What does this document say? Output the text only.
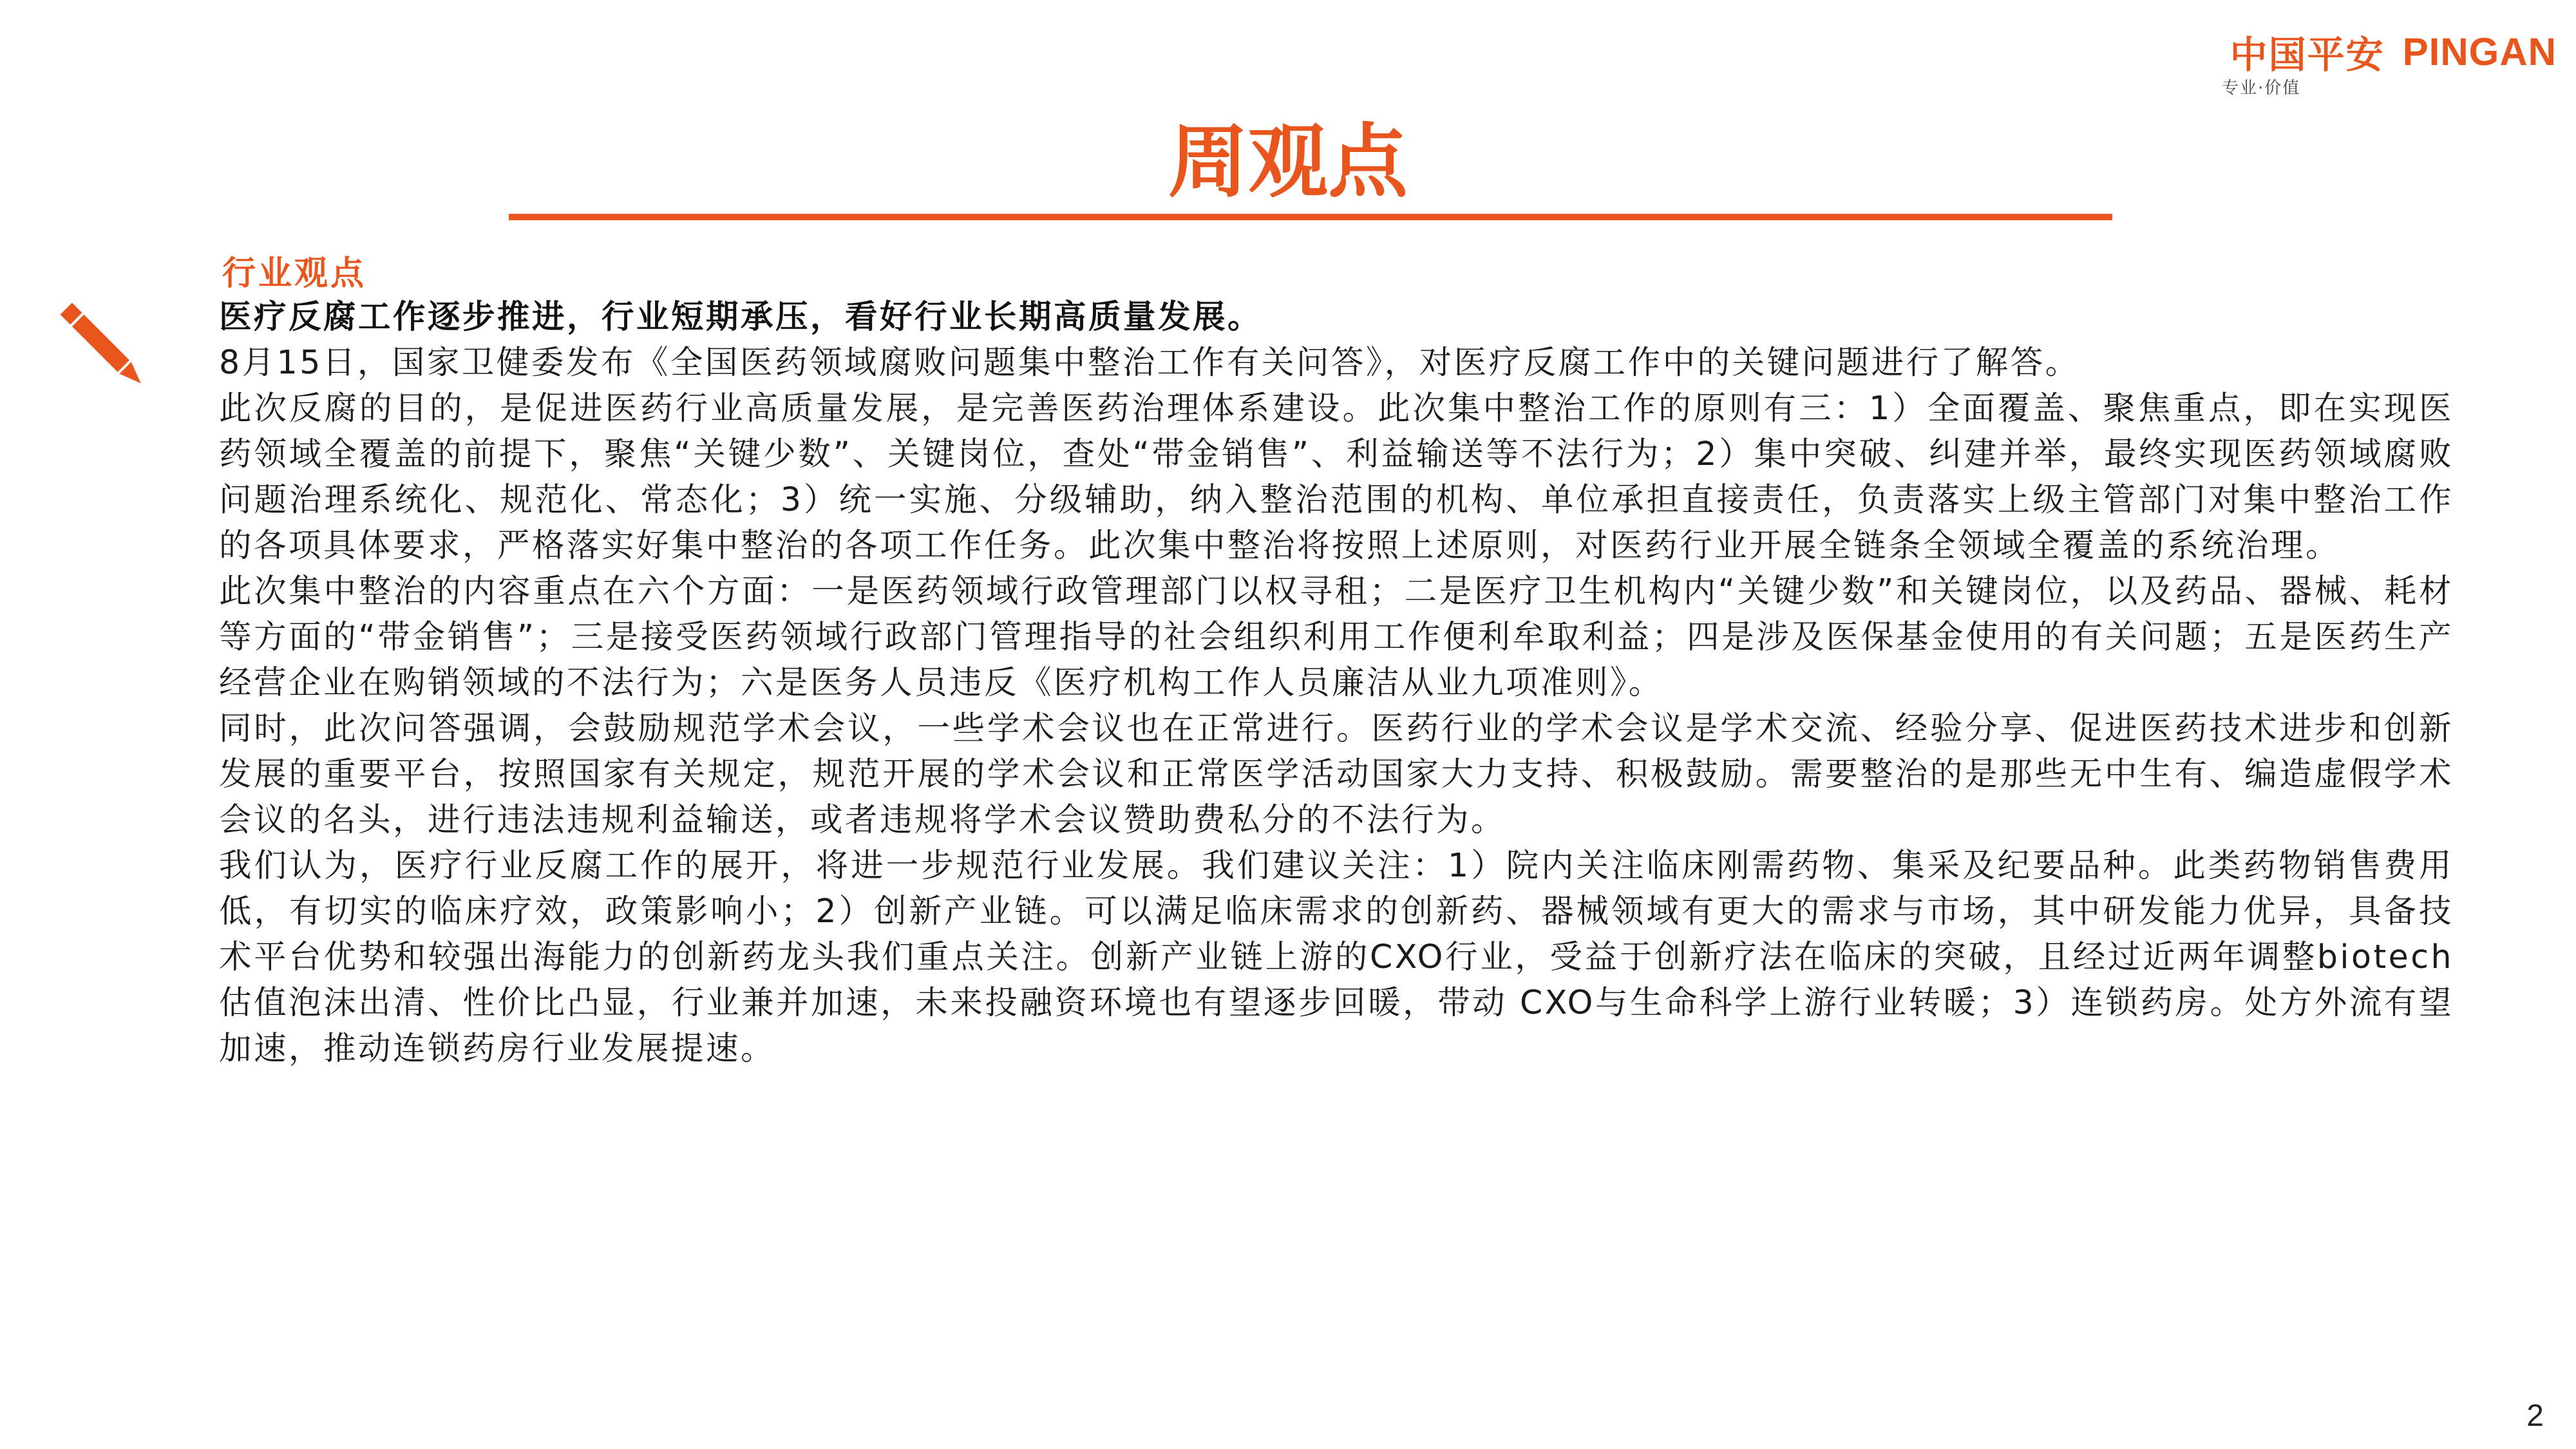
中国平安 PINGAN
专业·价值
周观点
行业观点

医疗反腐工作逐步推进，行业短期承压，看好行业长期高质量发展。

8月15日，国家卫健委发布《全国医药领域腐败问题集中整治工作有关问答》，对医疗反腐工作中的关键问题进行了解答。

此次反腐的目的，是促进医药行业高质量发展，是完善医药治理体系建设。此次集中整治工作的原则有三：1）全面覆盖、聚焦重点，即在实现医药领域全覆盖的前提下，聚焦“关键少数”、关键岗位，查处“带金销售”、利益输送等不法行为；2）集中突破、纠建并举，最终实现医药领域腐败问题治理系统化、规范化、常态化；3）统一实施、分级辅助，纳入整治范围的机构、单位承担直接责任，负责落实上级主管部门对集中整治工作的各项具体要求，严格落实好集中整治的各项工作任务。此次集中整治将按照上述原则，对医药行业开展全链条全领域全覆盖的系统治理。

此次集中整治的内容重点在六个方面：一是医药领域行政管理部门以权寻租；二是医疗卫生机构内“关键少数”和关键岗位，以及药品、器械、耗材等方面的“带金销售”；三是接受医药领域行政部门管理指导的社会组织利用工作便利牟取利益；四是涉及医保基金使用的有关问题；五是医药生产经营企业在购销领域的不法行为；六是医务人员违反《医疗机构工作人员廉洁从业九项准则》。

同时，此次问答强调，会鼓励规范学术会议，一些学术会议也在正常进行。医药行业的学术会议是学术交流、经验分享、促进医药技术进步和创新发展的重要平台，按照国家有关规定，规范开展的学术会议和正常医学活动国家大力支持、积极鼓励。需要整治的是那些无中生有、编造虚假学术会议的名头，进行违法违规利益输送，或者违规将学术会议赞助费私分的不法行为。

我们认为，医疗行业反腐工作的展开，将进一步规范行业发展。我们建议关注：1）院内关注临床刚需药物、集采及纪要品种。此类药物销售费用低，有切实的临床疗效，政策影响小；2）创新产业链。可以满足临床需求的创新药、器械领域有更大的需求与市场，其中研发能力优异，具备技术平台优势和较强出海能力的创新药龙头我们重点关注。创新产业链上游的CXO行业，受益于创新疗法在临床的突破，且经过近两年调整biotech估值泡沫出清、性价比凸显，行业兼并加速，未来投融资环境也有望逐步回暖，带动 CXO与生命科学上游行业转暖；3）连锁药房。处方外流有望加速，推动连锁药房行业发展提速。

2
